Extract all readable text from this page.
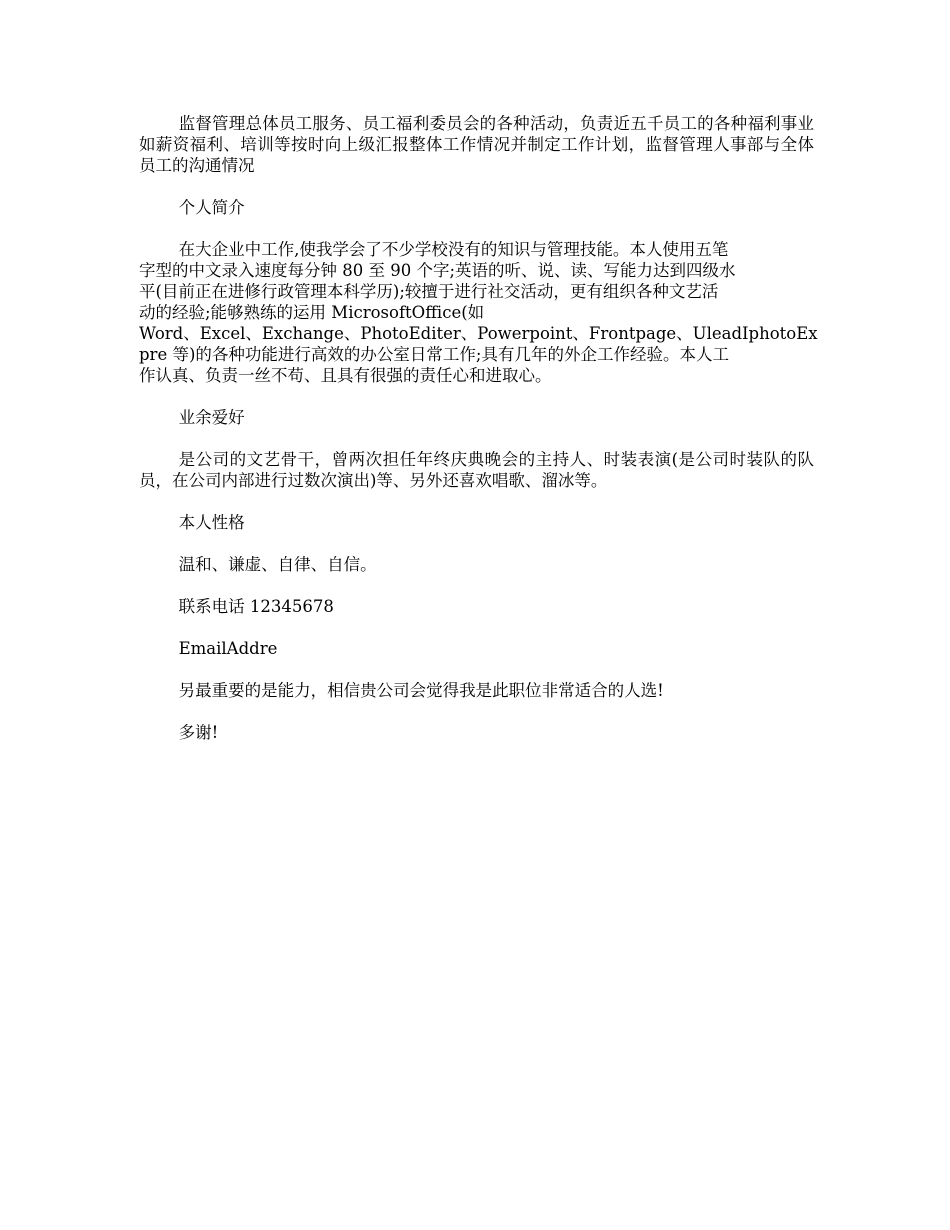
监督管理总体员工服务、员工福利委员会的各种活动，负责近五千员工的各种福利事业如薪资福利、培训等按时向上级汇报整体工作情况并制定工作计划，监督管理人事部与全体员工的沟通情况

个人简介

在大企业中工作,使我学会了不少学校没有的知识与管理技能。本人使用五笔
字型的中文录入速度每分钟 80 至 90 个字;英语的听、说、读、写能力达到四级水
平(目前正在进修行政管理本科学历);较擅于进行社交活动，更有组织各种文艺活
动的经验;能够熟练的运用 MicrosoftOffice(如
Word、Excel、Exchange、PhotoEditer、Powerpoint、Frontpage、UleadIphotoEx
pre 等)的各种功能进行高效的办公室日常工作;具有几年的外企工作经验。本人工
作认真、负责一丝不苟、且具有很强的责任心和进取心。

业余爱好

是公司的文艺骨干，曾两次担任年终庆典晚会的主持人、时装表演(是公司时装队的队员，在公司内部进行过数次演出)等、另外还喜欢唱歌、溜冰等。

本人性格

温和、谦虚、自律、自信。

联系电话 12345678

EmailAddre

另最重要的是能力，相信贵公司会觉得我是此职位非常适合的人选!

多谢!
